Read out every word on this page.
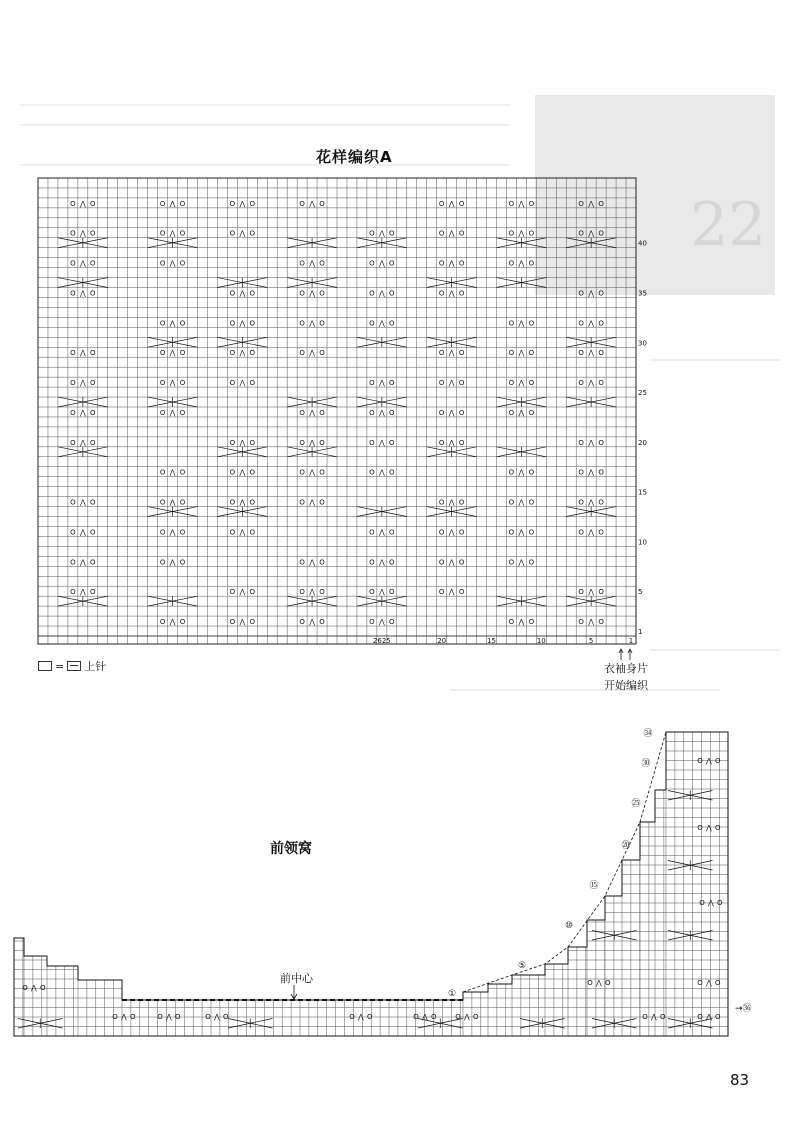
22
花样编织A
O ⋀ O	O ⋀ O	O ⋀ O	O ⋀ O	O ⋀ O	O ⋀ O	O ⋀ O
O ⋀ O	O ⋀ O	O ⋀ O	O ⋀ O	O ⋀ O	O ⋀ O	O ⋀ O
O ⋀ O	O ⋀ O	O ⋀ O	O ⋀ O	O ⋀ O	O ⋀ O
O ⋀ O	O ⋀ O	O ⋀ O	O ⋀ O	O ⋀ O	O ⋀ O
O ⋀ O	O ⋀ O	O ⋀ O	O ⋀ O	O ⋀ O	O ⋀ O
O ⋀ O	O ⋀ O	O ⋀ O	O ⋀ O	O ⋀ O	O ⋀ O	O ⋀ O
O ⋀ O	O ⋀ O	O ⋀ O	O ⋀ O	O ⋀ O	O ⋀ O	O ⋀ O
O ⋀ O	O ⋀ O	O ⋀ O	O ⋀ O	O ⋀ O	O ⋀ O
O ⋀ O	O ⋀ O	O ⋀ O	O ⋀ O	O ⋀ O	O ⋀ O
O ⋀ O	O ⋀ O	O ⋀ O	O ⋀ O	O ⋀ O	O ⋀ O
O ⋀ O	O ⋀ O	O ⋀ O	O ⋀ O	O ⋀ O	O ⋀ O	O ⋀ O
O ⋀ O	O ⋀ O	O ⋀ O	O ⋀ O	O ⋀ O	O ⋀ O	O ⋀ O
O ⋀ O	O ⋀ O	O ⋀ O	O ⋀ O	O ⋀ O	O ⋀ O
O ⋀ O	O ⋀ O	O ⋀ O	O ⋀ O	O ⋀ O	O ⋀ O
O ⋀ O	O ⋀ O	O ⋀ O	O ⋀ O	O ⋀ O	O ⋀ O
1
5
10
15
20
25
30
35
40
1
5
10
15
20
2625
= 上针	衣袖身片
开始编织
前领窝
前中心
O ⋀ O
O ⋀ O	O ⋀ O	O ⋀ O	O ⋀ O	O ⋀ O	O ⋀ O
O ⋀ O
O ⋀ O	O ⋀ O
O ⋀ O
O ⋀ O
O ⋀ O
O ⋀ O
①
⑤
⑩
⑮
⑳
㉕
㉚
㉞
→㊱
83
